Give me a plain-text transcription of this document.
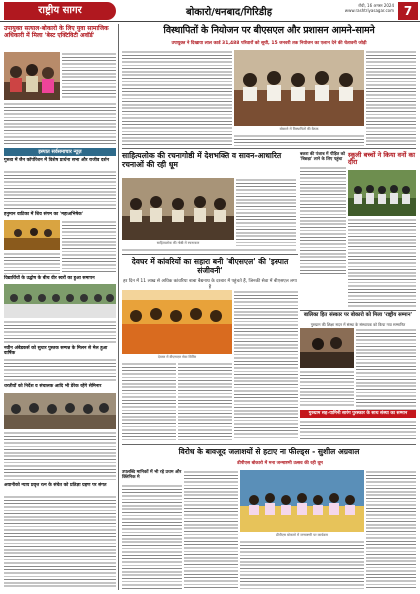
राष्ट्रीय सागर	बोकारो/धनबाद/गिरिडीह
राँची, 16 अगस्त 2024
www.rashtriyasagar.com 7
उपायुक्त सत्याल-बोकारो के लिए युवा सामाजिक अधिकारी में मिला 'बेस्ट एक्टिविटी अवॉर्ड'
इस्पात सर्वसमाचार न्यूज़
गुरुत्व में जैन कॉर्पोरेशन में विशेष प्रार्थना सभा और राजीव दर्शन
हनुमान वाटिका में शिव संगम का 'महाअभिषेक'
विद्यार्थियों के उद्घोष के बीच वीर स्वरों का हुआ समापन
नवीन अंबेडकर्स को सुधार पुस्तक सम्पन्न के मिलन से मेल हुआ वार्षिक
धरतीयों को निर्देश व संचालक आदि भी डेरेक रहेंगे सेमिनार
अयानीको न्याय प्रवृत्त रत्न के संचेत को प्रतिज्ञा ग्रहण पर संगत
विस्थापितों के नियोजन पर बीएसएल और प्रशासन आमने-सामने
उपायुक्त ने दिखाया लाल कार्ड 31,488 परिवारों को सूची, 15 जनवरी तक नियोजन का एलान देने की चेतावनी जोड़ी
बोकारो में विस्थापितों की बैठक
साहित्यलोक की रचनागोष्ठी में देशभक्ति व सावन-आधारित रचनाओं की रही धूम
साहित्यलोक की गोष्ठी में रचनाकार
बकरा की पंजाब में पीड़ित को 'बिछड़ा' लाने के लिए पहुंचा स्कूली बच्चों ने किया वनों का दौरा
देवघर में कांवरियों का सहारा बनी 'बीएसएल' की 'इस्पात संजीवनी'
हर दिन में 11 लाख से अधिक कांवरिया बाबा बैद्यनाथ के दरबार में पहुंचते हैं, जिनकी सेवा में बीएसएल लगा है
देवघर में बीएसएल सेवा शिविर
बालिका हित संस्कार पर बोकारो को मिला 'राष्ट्रीय सम्मान'
गुरुग्राम की शिक्षा सदन में संस्था के संस्थापक को किया गया सम्मानित
गुरुग्राम सह-यामिनी सारंग पुरस्कार के साथ संस्था का सम्मान
विरोध के बावजूद जलाशयों से हटाए ना फील्ड्स - सुशील अग्रवाल
डीपीएस बोकारो में मना जन्माष्टमी उत्सव की रही धूम
उपलब्धि मानिकों में भी रहे प्रथम और क्लिनिक मे
डीपीएस बोकारो में जन्माष्टमी पर कार्यक्रम
